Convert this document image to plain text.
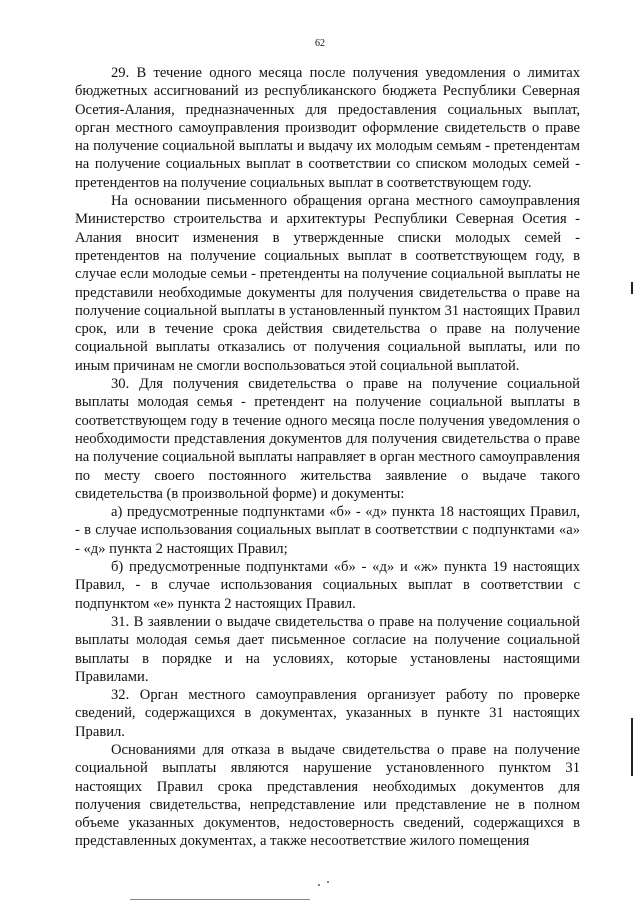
62

29. В течение одного месяца после получения уведомления о лимитах бюджетных ассигнований из республиканского бюджета Республики Северная Осетия-Алания, предназначенных для предоставления социальных выплат, орган местного самоуправления производит оформление свидетельств о праве на получение социальной выплаты и выдачу их молодым семьям - претендентам на получение социальных выплат в соответствии со списком молодых семей - претендентов на получение социальных выплат в соответствующем году.

На основании письменного обращения органа местного самоуправления Министерство строительства и архитектуры Республики Северная Осетия - Алания вносит изменения в утвержденные списки молодых семей - претендентов на получение социальных выплат в соответствующем году, в случае если молодые семьи - претенденты на получение социальной выплаты не представили необходимые документы для получения свидетельства о праве на получение социальной выплаты в установленный пунктом 31 настоящих Правил срок, или в течение срока действия свидетельства о праве на получение социальной выплаты отказались от получения социальной выплаты, или по иным причинам не смогли воспользоваться этой социальной выплатой.

30. Для получения свидетельства о праве на получение социальной выплаты молодая семья - претендент на получение социальной выплаты в соответствующем году в течение одного месяца после получения уведомления о необходимости представления документов для получения свидетельства о праве на получение социальной выплаты направляет в орган местного самоуправления по месту своего постоянного жительства заявление о выдаче такого свидетельства (в произвольной форме) и документы:

а) предусмотренные подпунктами «б» - «д» пункта 18 настоящих Правил, - в случае использования социальных выплат в соответствии с подпунктами «а» - «д» пункта 2 настоящих Правил;

б) предусмотренные подпунктами «б» - «д» и «ж» пункта 19 настоящих Правил, - в случае использования социальных выплат в соответствии с подпунктом «е» пункта 2 настоящих Правил.

31. В заявлении о выдаче свидетельства о праве на получение социальной выплаты молодая семья дает письменное согласие на получение социальной выплаты в порядке и на условиях, которые установлены настоящими Правилами.

32. Орган местного самоуправления организует работу по проверке сведений, содержащихся в документах, указанных в пункте 31 настоящих Правил.

Основаниями для отказа в выдаче свидетельства о праве на получение социальной выплаты являются нарушение установленного пунктом 31 настоящих Правил срока представления необходимых документов для получения свидетельства, непредставление или представление не в полном объеме указанных документов, недостоверность сведений, содержащихся в представленных документах, а также несоответствие жилого помещения
